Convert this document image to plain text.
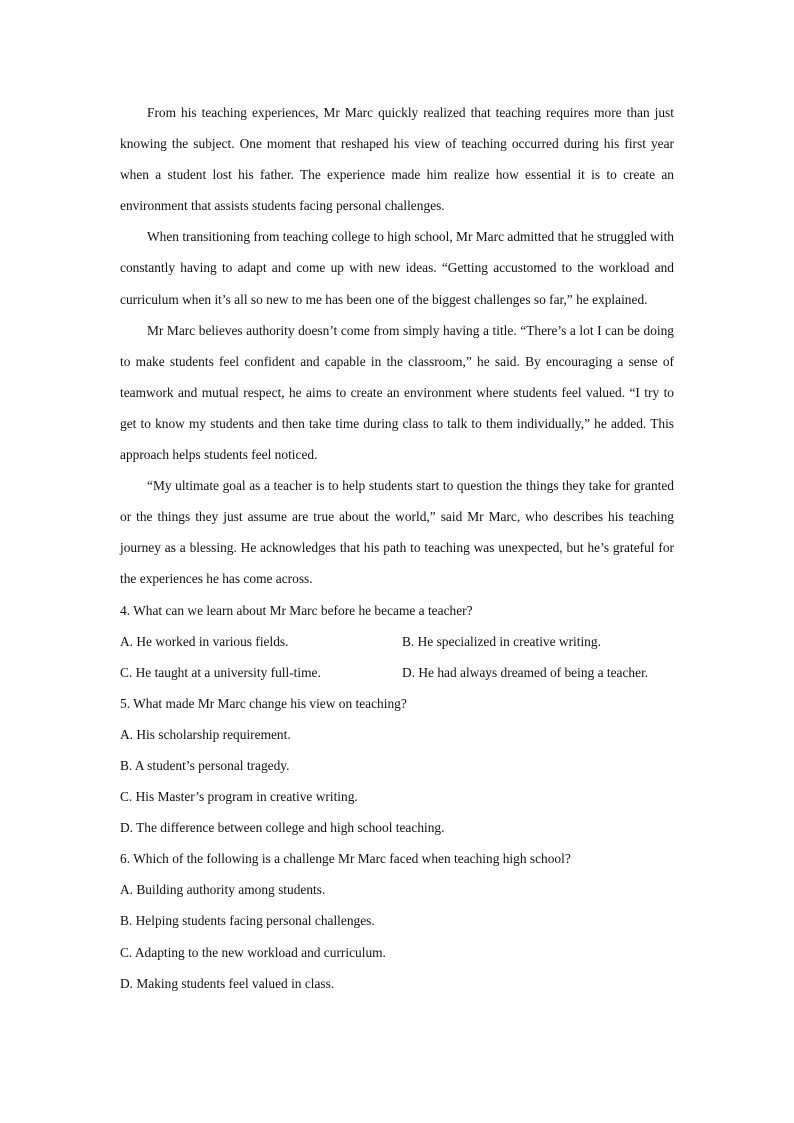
From his teaching experiences, Mr Marc quickly realized that teaching requires more than just knowing the subject. One moment that reshaped his view of teaching occurred during his first year when a student lost his father. The experience made him realize how essential it is to create an environment that assists students facing personal challenges.

When transitioning from teaching college to high school, Mr Marc admitted that he struggled with constantly having to adapt and come up with new ideas. “Getting accustomed to the workload and curriculum when it’s all so new to me has been one of the biggest challenges so far,” he explained.

Mr Marc believes authority doesn’t come from simply having a title. “There’s a lot I can be doing to make students feel confident and capable in the classroom,” he said. By encouraging a sense of teamwork and mutual respect, he aims to create an environment where students feel valued. “I try to get to know my students and then take time during class to talk to them individually,” he added. This approach helps students feel noticed.

“My ultimate goal as a teacher is to help students start to question the things they take for granted or the things they just assume are true about the world,” said Mr Marc, who describes his teaching journey as a blessing. He acknowledges that his path to teaching was unexpected, but he’s grateful for the experiences he has come across.

4. What can we learn about Mr Marc before he became a teacher?

A. He worked in various fields.	B. He specialized in creative writing.
C. He taught at a university full-time.	D. He had always dreamed of being a teacher.

5. What made Mr Marc change his view on teaching?

A. His scholarship requirement.

B. A student’s personal tragedy.

C. His Master’s program in creative writing.

D. The difference between college and high school teaching.

6. Which of the following is a challenge Mr Marc faced when teaching high school?

A. Building authority among students.

B. Helping students facing personal challenges.

C. Adapting to the new workload and curriculum.

D. Making students feel valued in class.
